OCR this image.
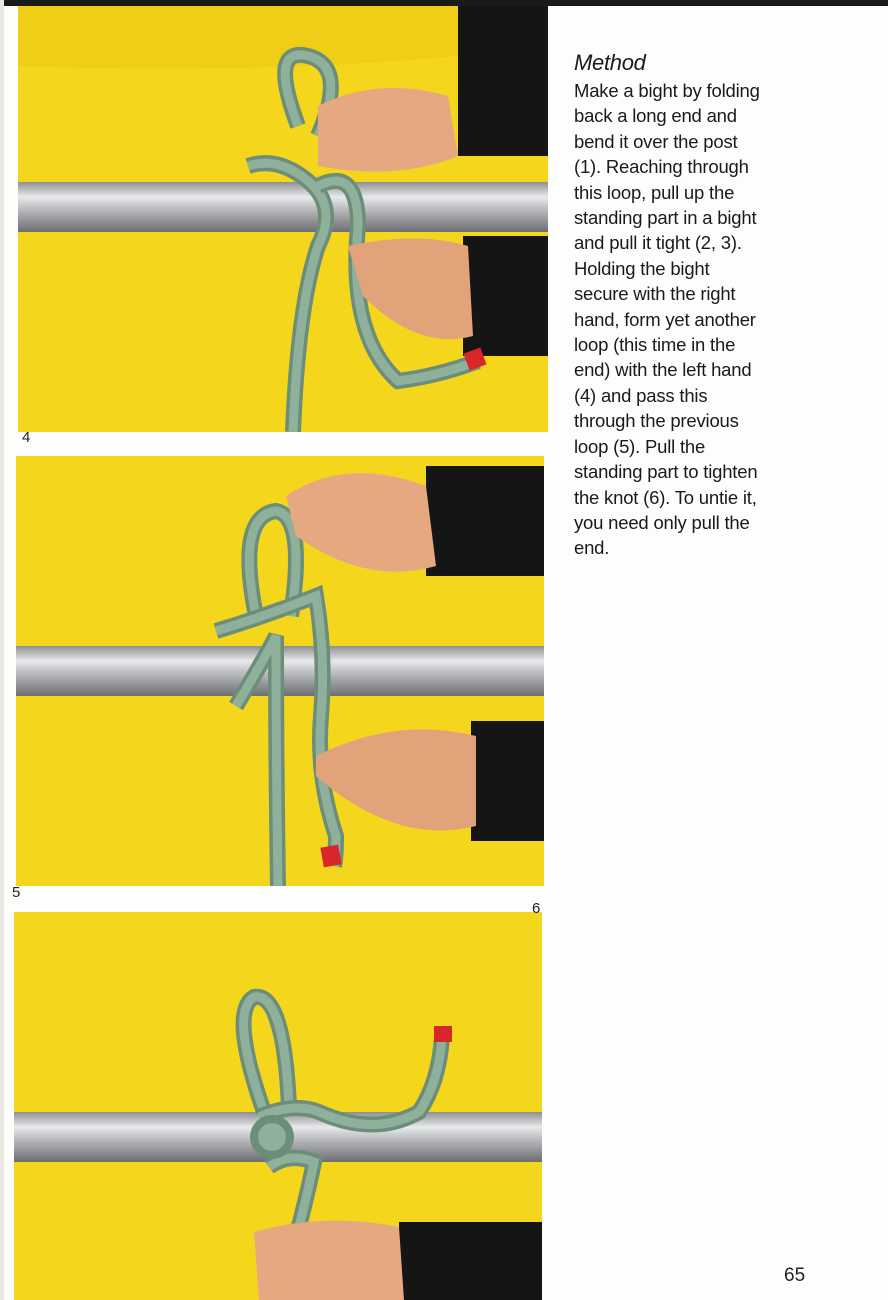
4
5
6
Method

Make a bight by folding
back a long end and
bend it over the post
(1). Reaching through
this loop, pull up the
standing part in a bight
and pull it tight (2, 3).
Holding the bight
secure with the right
hand, form yet another
loop (this time in the
end) with the left hand
(4) and pass this
through the previous
loop (5). Pull the
standing part to tighten
the knot (6). To untie it,
you need only pull the
end.

65
